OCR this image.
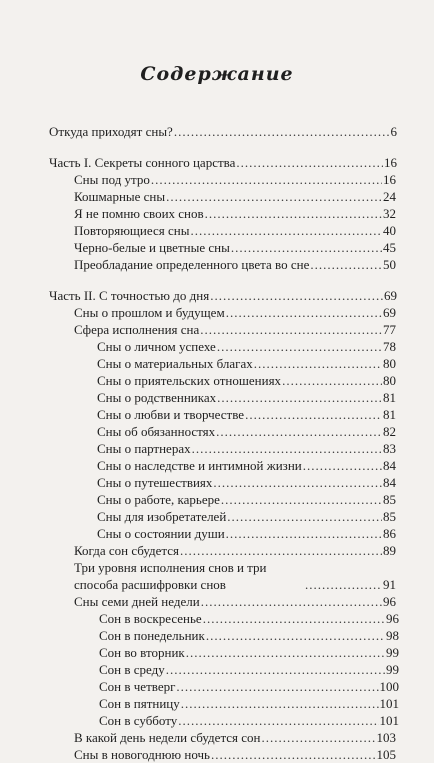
Содержание
Откуда приходят сны? .....	6
Часть I. Секреты сонного царства .....	16
Сны под утро .....	16
Кошмарные сны .....	24
Я не помню своих снов .....	32
Повторяющиеся сны .....	40
Черно-белые и цветные сны .....	45
Преобладание определенного цвета во сне .....	50
Часть II. С точностью до дня .....	69
Сны о прошлом и будущем .....	69
Сфера исполнения сна .....	77
Сны о личном успехе .....	78
Сны о материальных благах .....	80
Сны о приятельских отношениях .....	80
Сны о родственниках .....	81
Сны о любви и творчестве .....	81
Сны об обязанностях .....	82
Сны о партнерах .....	83
Сны о наследстве и интимной жизни .....	84
Сны о путешествиях .....	84
Сны о работе, карьере .....	85
Сны для изобретателей .....	85
Сны о состоянии души .....	86
Когда сон сбудется .....	89
Три уровня исполнения снов и три способа расшифровки снов .....	91
Сны семи дней недели .....	96
Сон в воскресенье .....	96
Сон в понедельник .....	98
Сон во вторник .....	99
Сон в среду .....	99
Сон в четверг .....	100
Сон в пятницу .....	101
Сон в субботу .....	101
В какой день недели сбудется сон .....	103
Сны в новогоднюю ночь .....	105
